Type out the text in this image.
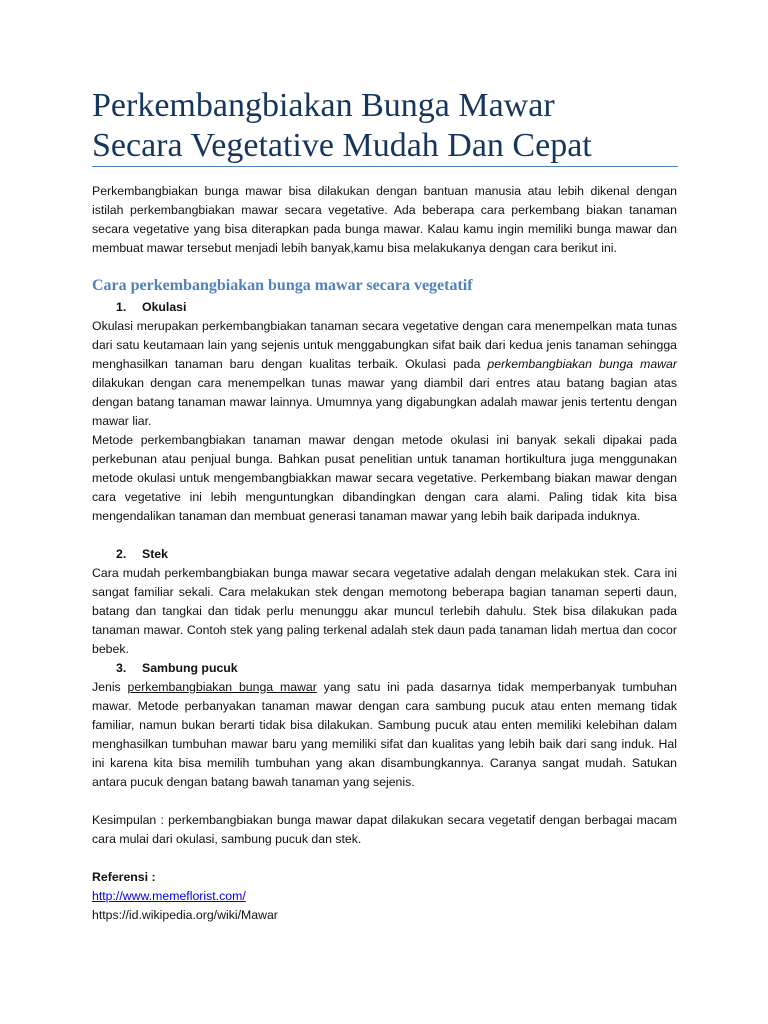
Perkembangbiakan Bunga Mawar
Secara Vegetative Mudah Dan Cepat

Perkembangbiakan bunga mawar bisa dilakukan dengan bantuan manusia atau lebih dikenal dengan istilah perkembangbiakan mawar secara vegetative. Ada beberapa cara perkembang biakan tanaman secara vegetative yang bisa diterapkan pada bunga mawar. Kalau kamu ingin memiliki bunga mawar dan membuat mawar tersebut menjadi lebih banyak,kamu bisa melakukanya dengan cara berikut ini.

Cara perkembangbiakan bunga mawar secara vegetatif
1.	Okulasi

Okulasi merupakan perkembangbiakan tanaman secara vegetative dengan cara menempelkan mata tunas dari satu keutamaan lain yang sejenis untuk menggabungkan sifat baik dari kedua jenis tanaman sehingga menghasilkan tanaman baru dengan kualitas terbaik. Okulasi pada perkembangbiakan bunga mawar dilakukan dengan cara menempelkan tunas mawar yang diambil dari entres atau batang bagian atas dengan batang tanaman mawar lainnya. Umumnya yang digabungkan adalah mawar jenis tertentu dengan mawar liar.

Metode perkembangbiakan tanaman mawar dengan metode okulasi ini banyak sekali dipakai pada perkebunan atau penjual bunga. Bahkan pusat penelitian untuk tanaman hortikultura juga menggunakan metode okulasi untuk mengembangbiakkan mawar secara vegetative. Perkembang biakan mawar dengan cara vegetative ini lebih menguntungkan dibandingkan dengan cara alami. Paling tidak kita bisa mengendalikan tanaman dan membuat generasi tanaman mawar yang lebih baik daripada induknya.

2.	Stek

Cara mudah perkembangbiakan bunga mawar secara vegetative adalah dengan melakukan stek. Cara ini sangat familiar sekali. Cara melakukan stek dengan memotong beberapa bagian tanaman seperti daun, batang dan tangkai dan tidak perlu menunggu akar muncul terlebih dahulu. Stek bisa dilakukan pada tanaman mawar. Contoh stek yang paling terkenal adalah stek daun pada tanaman lidah mertua dan cocor bebek.

3.	Sambung pucuk

Jenis perkembangbiakan bunga mawar yang satu ini pada dasarnya tidak memperbanyak tumbuhan mawar. Metode perbanyakan tanaman mawar dengan cara sambung pucuk atau enten memang tidak familiar, namun bukan berarti tidak bisa dilakukan. Sambung pucuk atau enten memiliki kelebihan dalam menghasilkan tumbuhan mawar baru yang memiliki sifat dan kualitas yang lebih baik dari sang induk. Hal ini karena kita bisa memilih tumbuhan yang akan disambungkannya. Caranya sangat mudah. Satukan antara pucuk dengan batang bawah tanaman yang sejenis.

Kesimpulan : perkembangbiakan bunga mawar dapat dilakukan secara vegetatif dengan berbagai macam cara mulai dari okulasi, sambung pucuk dan stek.

Referensi :
http://www.memeflorist.com/
https://id.wikipedia.org/wiki/Mawar
